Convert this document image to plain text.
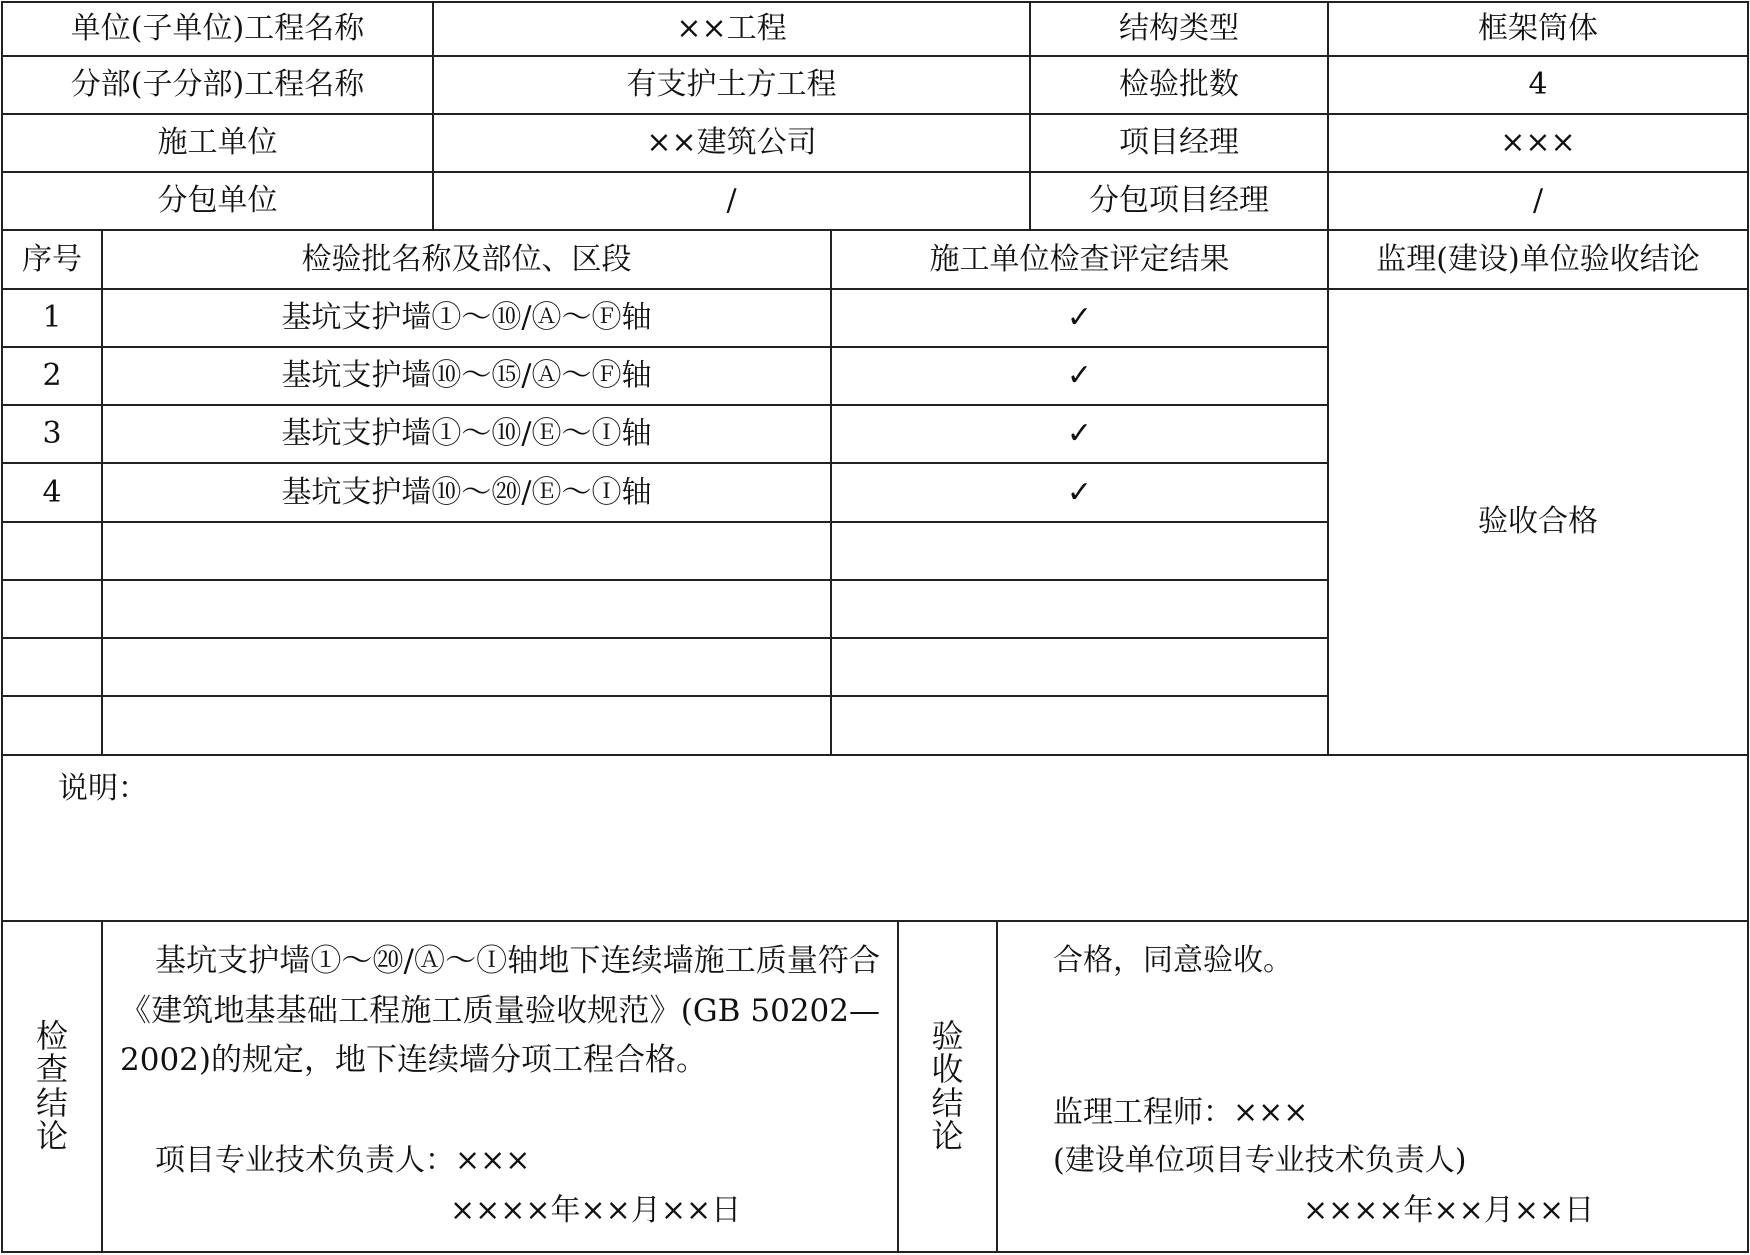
单位(子单位)工程名称	××工程	结构类型	框架筒体
分部(子分部)工程名称	有支护土方工程	检验批数	4
施工单位	××建筑公司	项目经理	×××
分包单位	/	分包项目经理	/
序号	检验批名称及部位、区段	施工单位检查评定结果	监理(建设)单位验收结论
1	基坑支护墙①～⑩/Ⓐ～Ⓕ轴	✓
2	基坑支护墙⑩～⑮/Ⓐ～Ⓕ轴	✓
3	基坑支护墙①～⑩/Ⓔ～Ⓘ轴	✓
4	基坑支护墙⑩～⑳/Ⓔ～Ⓘ轴	✓
验收合格
说明：
检
查
结
论

基坑支护墙①～⑳/Ⓐ～Ⓘ轴地下连续墙施工质量符合《建筑地基基础工程施工质量验收规范》(GB 50202—2002)的规定，地下连续墙分项工程合格。

项目专业技术负责人：×××
××××年××月××日
验
收
结
论
合格，同意验收。
监理工程师：×××
(建设单位项目专业技术负责人)
××××年××月××日
